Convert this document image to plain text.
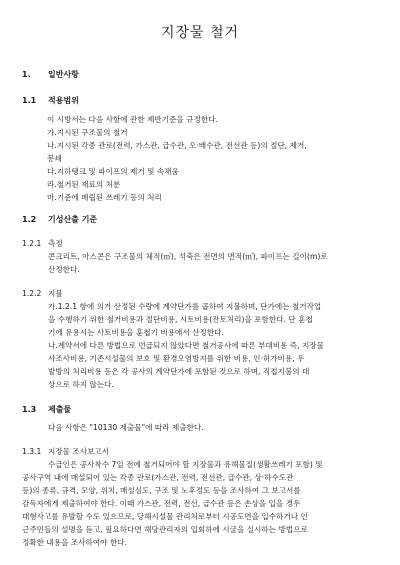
지장물 철거
1. 일반사항
1.1 적용범위
이 시방서는 다음 사항에 관한 제반기준을 규정한다.
가.지시된 구조물의 철거
나.지시된 각종 관로(전력, 가스관, 급수관, 오·배수관, 전선관 등)의 절단, 제거,
봉쇄
다.지하탱크 및 파이프의 제거 및 속채움
라.철거된 재료의 처분
마.기준에 매립된 쓰레기 등의 처리
1.2 기성산출 기준
1.2.1 측정
콘크리트, 아스콘은 구조물의 체적(㎥), 석축은 전면의 면적(㎡), 파이프는 길이(m)로
산정한다.
1.2.2 지불
가.1.2.1 항에 의거 산정된 수량에 계약단가를 곱하여 지불하며, 단가에는 철거작업
을 수행하기 위한 철거비용과 절단비용, 시토비용(잔토처리)을 포함한다. 단 훈첩
기에 유용시는 사토비용을 훈첩기 비용에서 산정한다.
나.계약서에 다른 방법으로 언급되지 않았다면 철거공사에 따른 부대비용 즉, 지장물
사조사비용, 기존시설물의 보호 및 환경오염방지를 위한 비용, 인·허가비용, 우
발방의 처리비용 등은 각 공사의 계약단가에 포함된 것으로 하며, 직접지불의 대
상으로 하지 않는다.
1.3 제출물
다음 사항은 "10130 제출물"에 따라 제출한다.
1.3.1 지장물 조사보고서
수급인은 공사착수 7일 전에 철거되어야 할 지장물과 유해물질(생활쓰레기 포함) 및
공사구역 내에 매설되어 있는 각종 관로(가스관, 전력, 전선관, 급수관, 상·하수도관
등)의 종류, 규격, 모양, 위치, 매설심도, 구조 및 노후정도 등을 조사하여 그 보고서를
감독자에게 제출하여야 한다. 이때 가스관, 전력, 전선, 급수관 등은 손상을 입을 경우
대형사고를 유발할 수도 있으므로, 당해시설물 관리처로부터 시공도면을 입수하거나 인
근주민들의 설명을 듣고, 필요하다면 해당관리자의 입회하에 시굴을 실시하는 방법으로
정확한 내용을 조사하여야 한다.
